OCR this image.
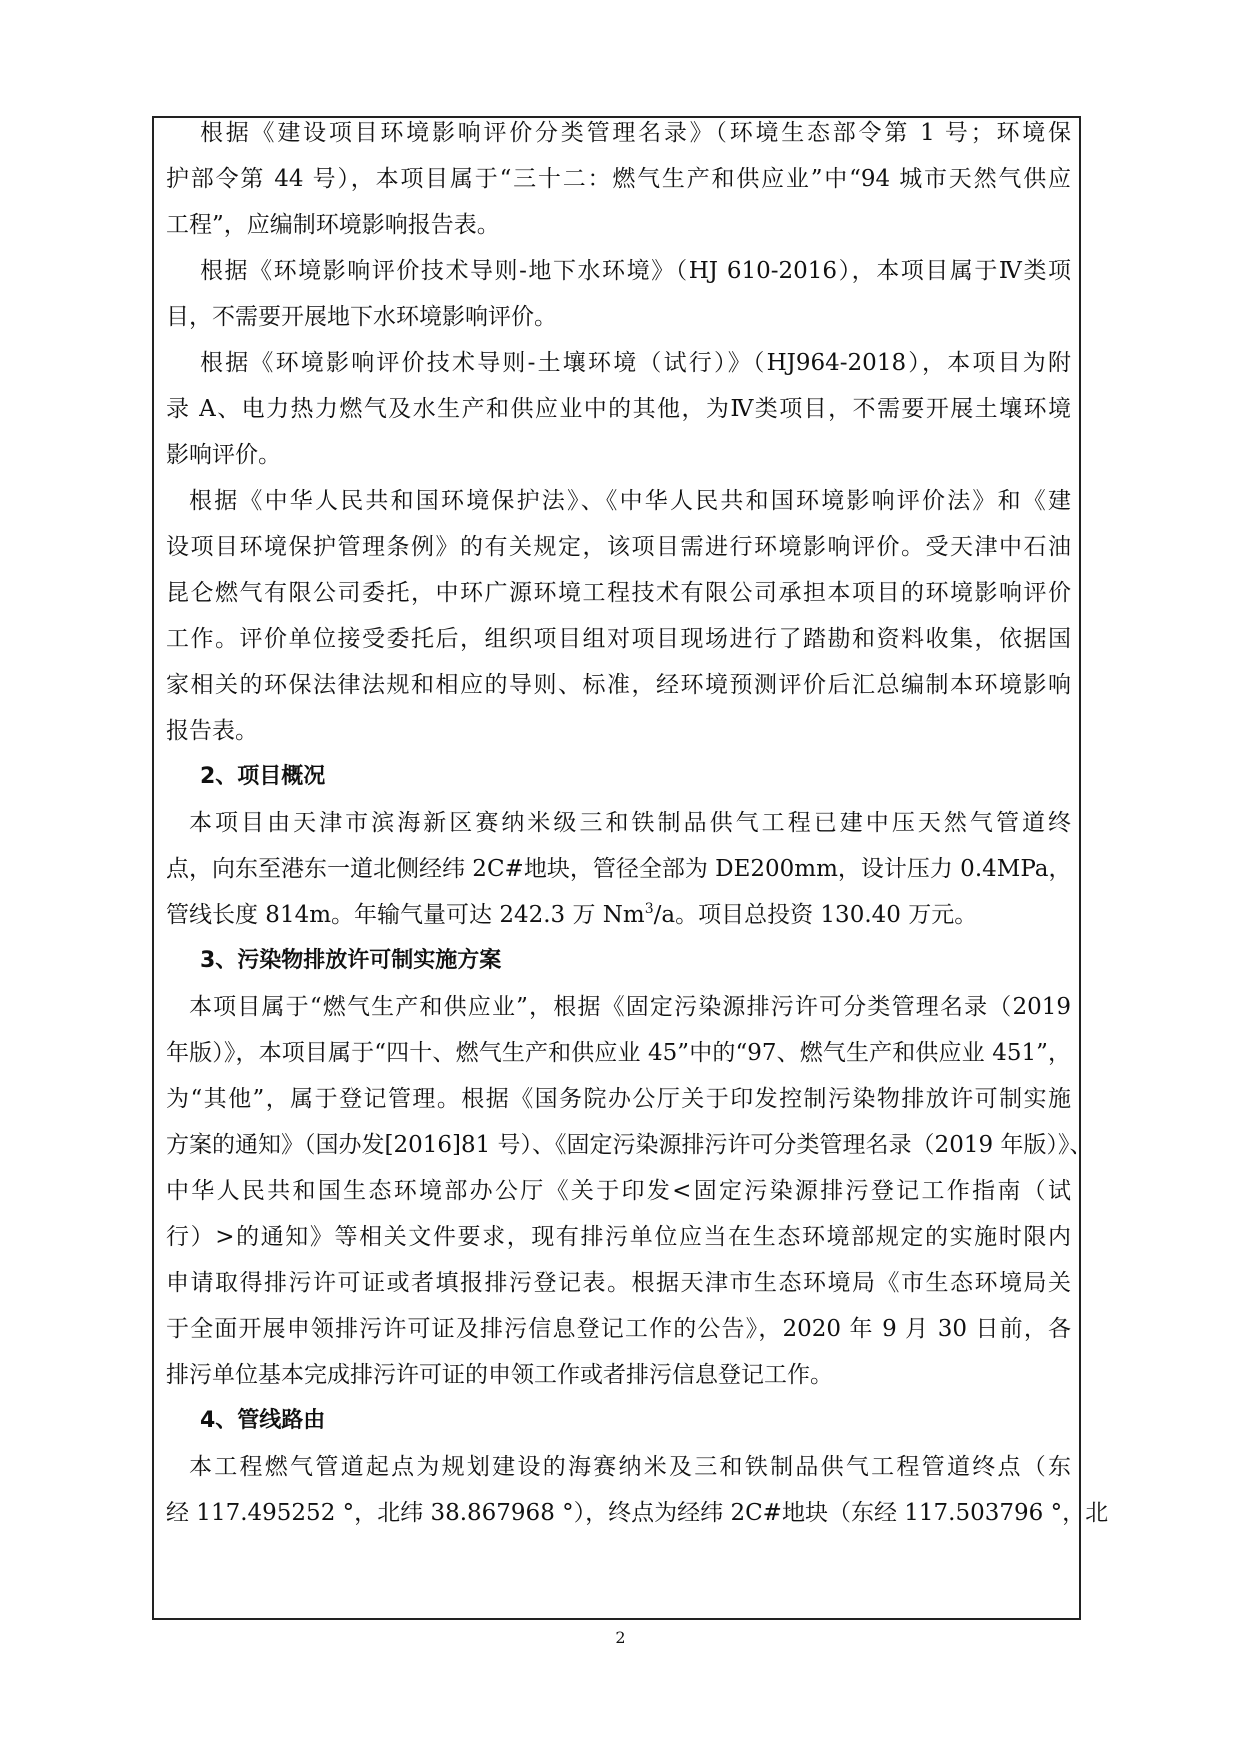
根据《建设项目环境影响评价分类管理名录》（环境生态部令第 1 号；环境保
护部令第 44 号），本项目属于“三十二：燃气生产和供应业”中“94 城市天然气供应
工程”，应编制环境影响报告表。
根据《环境影响评价技术导则-地下水环境》（HJ 610-2016），本项目属于Ⅳ类项
目，不需要开展地下水环境影响评价。
根据《环境影响评价技术导则-土壤环境（试行）》（HJ964-2018），本项目为附
录 A、电力热力燃气及水生产和供应业中的其他，为Ⅳ类项目，不需要开展土壤环境
影响评价。
根据《中华人民共和国环境保护法》、《中华人民共和国环境影响评价法》和《建
设项目环境保护管理条例》的有关规定，该项目需进行环境影响评价。受天津中石油
昆仑燃气有限公司委托，中环广源环境工程技术有限公司承担本项目的环境影响评价
工作。评价单位接受委托后，组织项目组对项目现场进行了踏勘和资料收集，依据国
家相关的环保法律法规和相应的导则、标准，经环境预测评价后汇总编制本环境影响
报告表。
2、项目概况
本项目由天津市滨海新区赛纳米级三和铁制品供气工程已建中压天然气管道终
点，向东至港东一道北侧经纬 2C#地块，管径全部为 DE200mm，设计压力 0.4MPa，
管线长度 814m。年输气量可达 242.3 万 Nm$^3$/a。项目总投资 130.40 万元。
3、污染物排放许可制实施方案
本项目属于“燃气生产和供应业”，根据《固定污染源排污许可分类管理名录（2019
年版）》，本项目属于“四十、燃气生产和供应业 45”中的“97、燃气生产和供应业 451”，
为“其他”，属于登记管理。根据《国务院办公厅关于印发控制污染物排放许可制实施
方案的通知》（国办发[2016]81 号）、《固定污染源排污许可分类管理名录（2019 年版）》、
中华人民共和国生态环境部办公厅《关于印发<固定污染源排污登记工作指南（试
行）>的通知》等相关文件要求，现有排污单位应当在生态环境部规定的实施时限内
申请取得排污许可证或者填报排污登记表。根据天津市生态环境局《市生态环境局关
于全面开展申领排污许可证及排污信息登记工作的公告》，2020 年 9 月 30 日前，各
排污单位基本完成排污许可证的申领工作或者排污信息登记工作。
4、管线路由
本工程燃气管道起点为规划建设的海赛纳米及三和铁制品供气工程管道终点（东
经 117.495252 °，北纬 38.867968 °），终点为经纬 2C#地块（东经 117.503796 °，北
2
